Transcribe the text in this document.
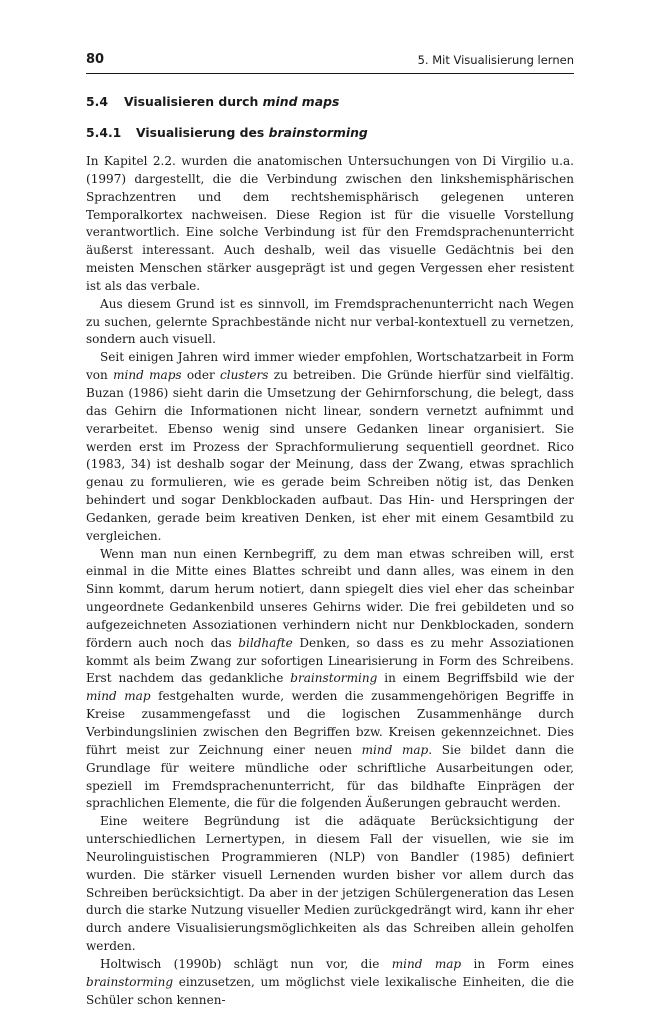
80	5. Mit Visualisierung lernen
5.4 Visualisieren durch mind maps
5.4.1 Visualisierung des brainstorming

In Kapitel 2.2. wurden die anatomischen Untersuchungen von Di Virgilio u.a. (1997) dargestellt, die die Verbindung zwischen den linkshemisphärischen Sprachzentren und dem rechtshemisphärisch gelegenen unteren Temporalkortex nachweisen. Diese Region ist für die visuelle Vorstellung verantwortlich. Eine solche Verbindung ist für den Fremdsprachenunterricht äußerst interessant. Auch deshalb, weil das visuelle Gedächtnis bei den meisten Menschen stärker ausgeprägt ist und gegen Vergessen eher resistent ist als das verbale.

Aus diesem Grund ist es sinnvoll, im Fremdsprachenunterricht nach Wegen zu suchen, gelernte Sprachbestände nicht nur verbal-kontextuell zu vernetzen, sondern auch visuell.

Seit einigen Jahren wird immer wieder empfohlen, Wortschatzarbeit in Form von mind maps oder clusters zu betreiben. Die Gründe hierfür sind vielfältig. Buzan (1986) sieht darin die Umsetzung der Gehirnforschung, die belegt, dass das Gehirn die Informationen nicht linear, sondern vernetzt aufnimmt und verarbeitet. Ebenso wenig sind unsere Gedanken linear organisiert. Sie werden erst im Prozess der Sprachformulierung sequentiell geordnet. Rico (1983, 34) ist deshalb sogar der Meinung, dass der Zwang, etwas sprachlich genau zu formulieren, wie es gerade beim Schreiben nötig ist, das Denken behindert und sogar Denkblockaden aufbaut. Das Hin- und Herspringen der Gedanken, gerade beim kreativen Denken, ist eher mit einem Gesamtbild zu vergleichen.

Wenn man nun einen Kernbegriff, zu dem man etwas schreiben will, erst einmal in die Mitte eines Blattes schreibt und dann alles, was einem in den Sinn kommt, darum herum notiert, dann spiegelt dies viel eher das scheinbar ungeordnete Gedankenbild unseres Gehirns wider. Die frei gebildeten und so aufgezeichneten Assoziationen verhindern nicht nur Denkblockaden, sondern fördern auch noch das bildhafte Denken, so dass es zu mehr Assoziationen kommt als beim Zwang zur sofortigen Linearisierung in Form des Schreibens. Erst nachdem das gedankliche brainstorming in einem Begriffsbild wie der mind map festgehalten wurde, werden die zusammengehörigen Begriffe in Kreise zusammengefasst und die logischen Zusammenhänge durch Verbindungslinien zwischen den Begriffen bzw. Kreisen gekennzeichnet. Dies führt meist zur Zeichnung einer neuen mind map. Sie bildet dann die Grundlage für weitere mündliche oder schriftliche Ausarbeitungen oder, speziell im Fremdsprachenunterricht, für das bildhafte Einprägen der sprachlichen Elemente, die für die folgenden Äußerungen gebraucht werden.

Eine weitere Begründung ist die adäquate Berücksichtigung der unterschiedlichen Lernertypen, in diesem Fall der visuellen, wie sie im Neurolinguistischen Programmieren (NLP) von Bandler (1985) definiert wurden. Die stärker visuell Lernenden wurden bisher vor allem durch das Schreiben berücksichtigt. Da aber in der jetzigen Schülergeneration das Lesen durch die starke Nutzung visueller Medien zurückgedrängt wird, kann ihr eher durch andere Visualisierungsmöglichkeiten als das Schreiben allein geholfen werden.

Holtwisch (1990b) schlägt nun vor, die mind map in Form eines brainstorming einzusetzen, um möglichst viele lexikalische Einheiten, die die Schüler schon kennen-
